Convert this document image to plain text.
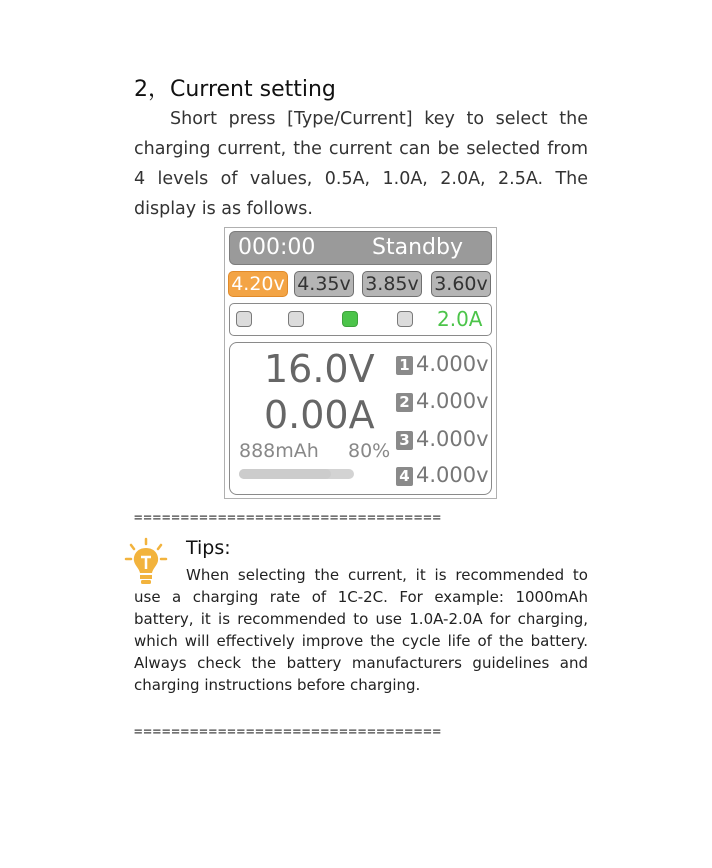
2，Current setting

Short press [Type/Current] key to select the charging current, the current can be selected from 4 levels of values, 0.5A, 1.0A, 2.0A, 2.5A. The display is as follows.

000:00	Standby
4.20v 4.35v 3.85v 3.60v
2.0A
16.0V
0.00A
888mAh 80%
1 4.000v
2 4.000v
3 4.000v
4 4.000v

=================================

Tips:

When selecting the current, it is recommended to use a charging rate of 1C-2C. For example: 1000mAh battery, it is recommended to use 1.0A-2.0A for charging, which will effectively improve the cycle life of the battery. Always check the battery manufacturers guidelines and charging instructions before charging.

=================================
